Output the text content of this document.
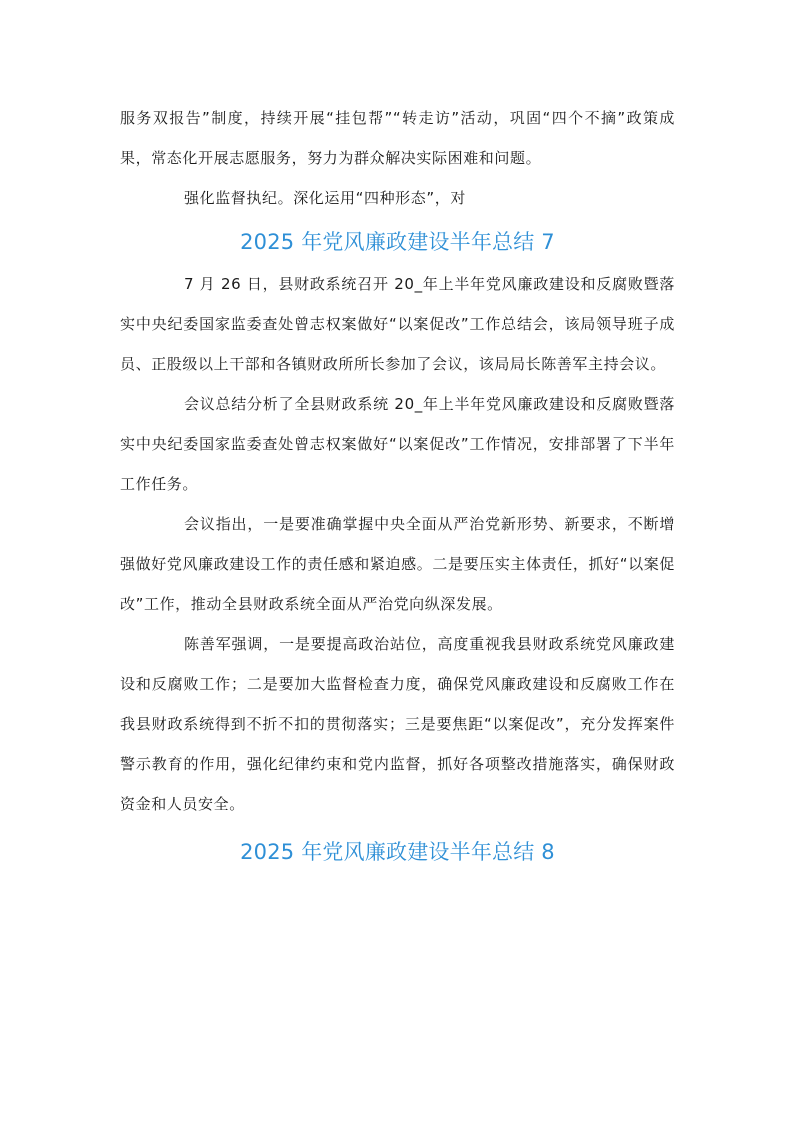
服务双报告”制度，持续开展“挂包帮”“转走访”活动，巩固“四个不摘”政策成果，常态化开展志愿服务，努力为群众解决实际困难和问题。

强化监督执纪。深化运用“四种形态”，对

2025 年党风廉政建设半年总结 7

7 月 26 日，县财政系统召开 20_年上半年党风廉政建设和反腐败暨落实中央纪委国家监委查处曾志权案做好“以案促改”工作总结会，该局领导班子成员、正股级以上干部和各镇财政所所长参加了会议，该局局长陈善军主持会议。

会议总结分析了全县财政系统 20_年上半年党风廉政建设和反腐败暨落实中央纪委国家监委查处曾志权案做好“以案促改”工作情况，安排部署了下半年工作任务。

会议指出，一是要准确掌握中央全面从严治党新形势、新要求，不断增强做好党风廉政建设工作的责任感和紧迫感。二是要压实主体责任，抓好“以案促改”工作，推动全县财政系统全面从严治党向纵深发展。

陈善军强调，一是要提高政治站位，高度重视我县财政系统党风廉政建设和反腐败工作；二是要加大监督检查力度，确保党风廉政建设和反腐败工作在我县财政系统得到不折不扣的贯彻落实；三是要焦距“以案促改”，充分发挥案件警示教育的作用，强化纪律约束和党内监督，抓好各项整改措施落实，确保财政资金和人员安全。

2025 年党风廉政建设半年总结 8
